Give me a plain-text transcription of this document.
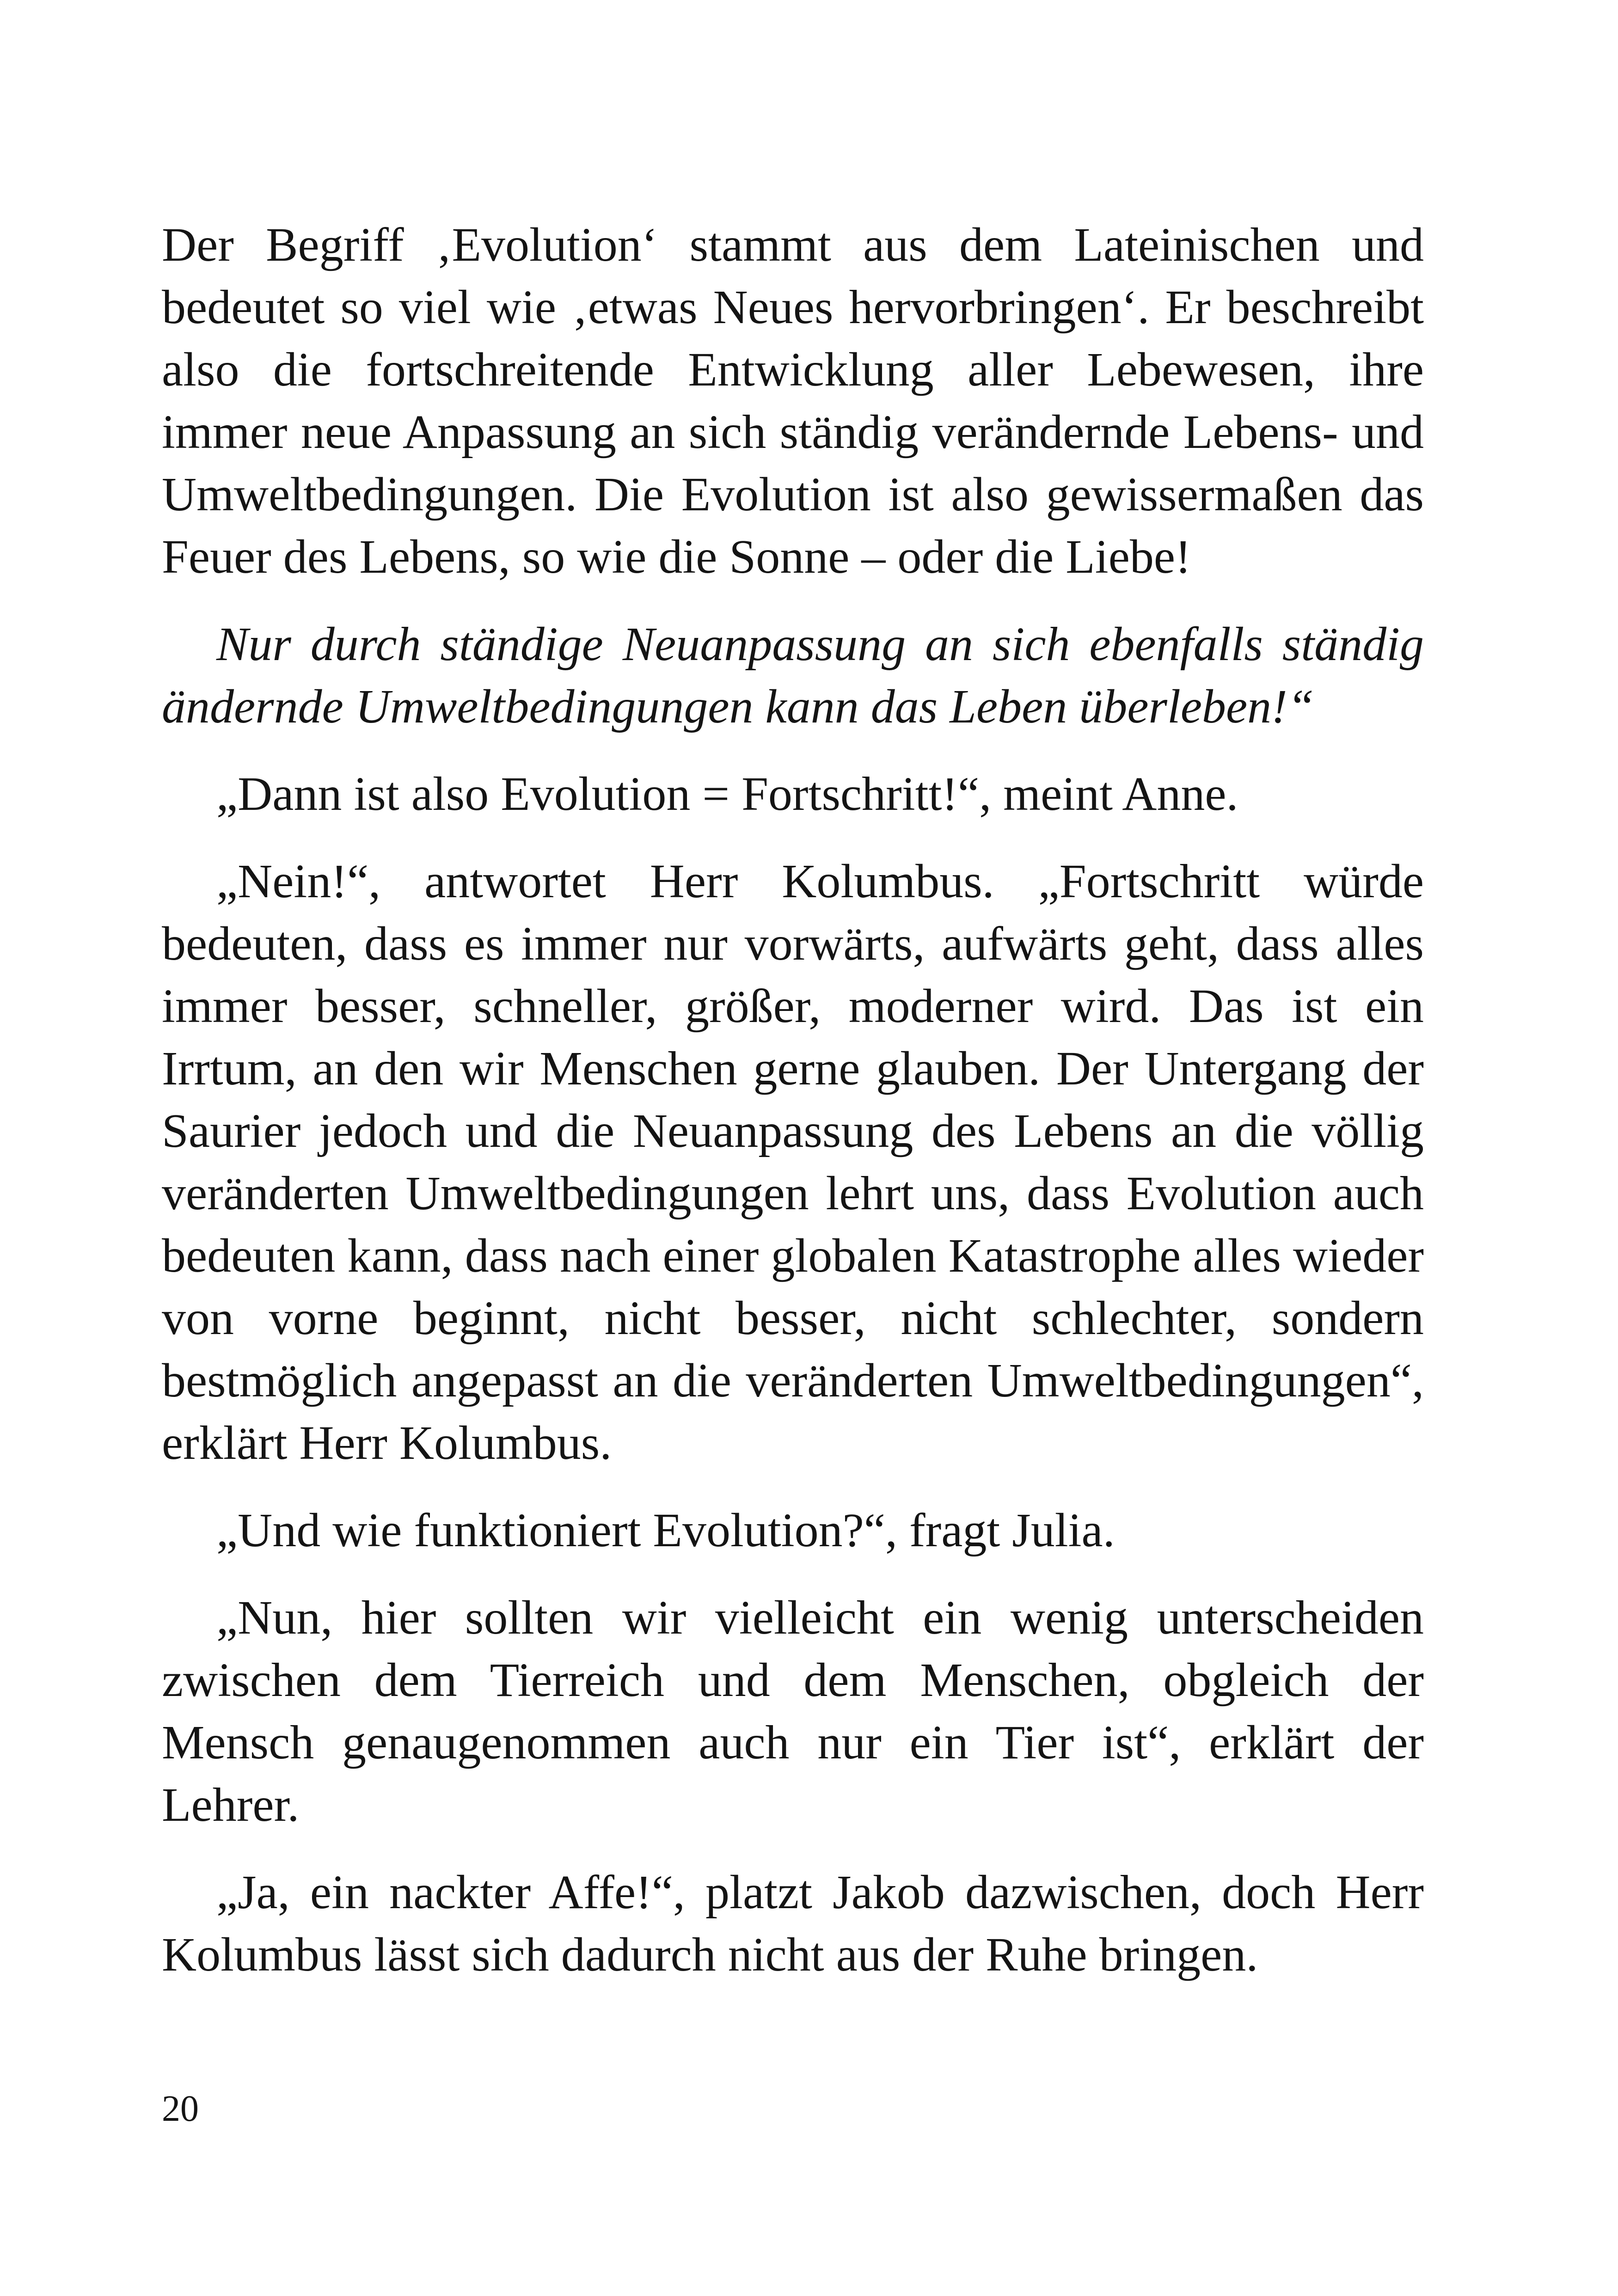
Der Begriff ‚Evolution‘ stammt aus dem Lateinischen und bedeutet so viel wie ‚etwas Neues hervorbringen‘. Er beschreibt also die fortschreitende Entwicklung aller Lebewesen, ihre immer neue Anpassung an sich ständig verändernde Lebens- und Umweltbedingungen. Die Evolution ist also gewissermaßen das Feuer des Lebens, so wie die Sonne – oder die Liebe!

Nur durch ständige Neuanpassung an sich ebenfalls ständig ändernde Umweltbedingungen kann das Leben überleben!“

„Dann ist also Evolution = Fortschritt!“, meint Anne.

„Nein!“, antwortet Herr Kolumbus. „Fortschritt würde bedeuten, dass es immer nur vorwärts, aufwärts geht, dass alles immer besser, schneller, größer, moderner wird. Das ist ein Irrtum, an den wir Menschen gerne glauben. Der Untergang der Saurier jedoch und die Neuanpassung des Lebens an die völlig veränderten Umweltbedingungen lehrt uns, dass Evolution auch bedeuten kann, dass nach einer globalen Katastrophe alles wieder von vorne beginnt, nicht besser, nicht schlechter, sondern bestmöglich angepasst an die veränderten Umweltbedingungen“, erklärt Herr Kolumbus.

„Und wie funktioniert Evolution?“, fragt Julia.

„Nun, hier sollten wir vielleicht ein wenig unterscheiden zwischen dem Tierreich und dem Menschen, obgleich der Mensch genaugenommen auch nur ein Tier ist“, erklärt der Lehrer.

„Ja, ein nackter Affe!“, platzt Jakob dazwischen, doch Herr Kolumbus lässt sich dadurch nicht aus der Ruhe bringen.

20
